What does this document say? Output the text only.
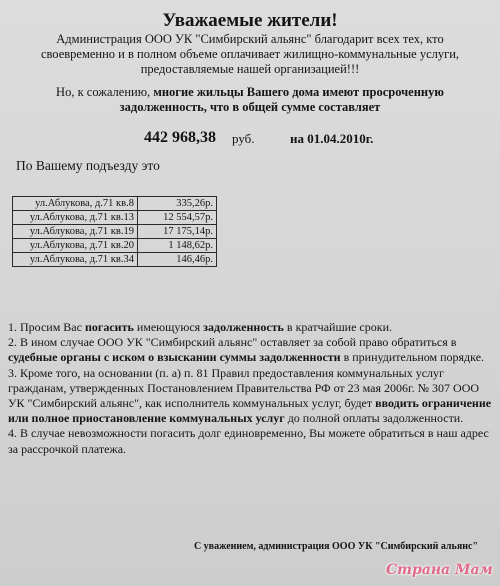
Уважаемые жители!
Администрация ООО УК "Симбирский альянс" благодарит всех тех, кто своевременно и в полном объеме оплачивает жилищно-коммунальные услуги, предоставляемые нашей организацией!!!
Но, к сожалению, многие жильцы Вашего дома имеют просроченную задолженность, что в общей сумме составляет
442 968,38 руб.	на 01.04.2010г.
По Вашему подъезду это
ул.Аблукова, д.71 кв.8	335,26р.
ул.Аблукова, д.71 кв.13	12 554,57р.
ул.Аблукова, д.71 кв.19	17 175,14р.
ул.Аблукова, д.71 кв.20	1 148,62р.
ул.Аблукова, д.71 кв.34	146,46р.

1. Просим Вас погасить имеющуюся задолженность в кратчайшие сроки.

2. В ином случае ООО УК "Симбирский альянс" оставляет за собой право обратиться в судебные органы с иском о взыскании суммы задолженности в принудительном порядке.

3. Кроме того, на основании (п. а) п. 81 Правил предоставления коммунальных услуг гражданам, утвержденных Постановлением Правительства РФ от 23 мая 2006г. № 307 ООО УК "Симбирский альянс", как исполнитель коммунальных услуг, будет вводить ограничение или полное приостановление коммунальных услуг до полной оплаты задолженности.

4. В случае невозможности погасить долг единовременно, Вы можете обратиться в наш адрес за рассрочкой платежа.

С уважением, администрация ООО УК "Симбирский альянс"
Страна Мам
